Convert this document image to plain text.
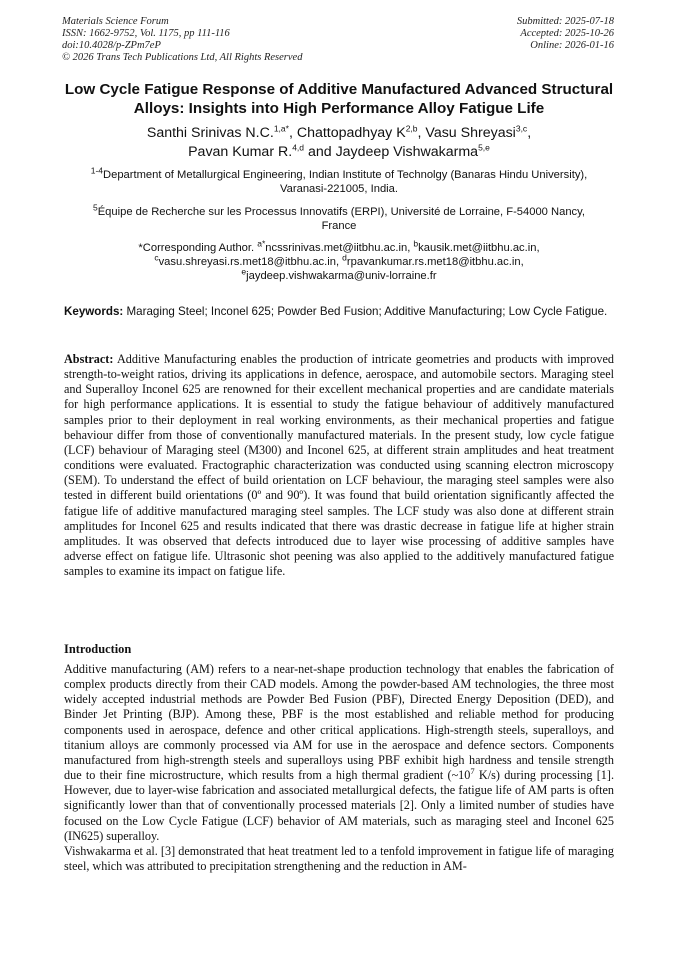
Materials Science Forum
ISSN: 1662-9752, Vol. 1175, pp 111-116
doi:10.4028/p-ZPm7eP
© 2026 Trans Tech Publications Ltd, All Rights Reserved
Submitted: 2025-07-18
Accepted: 2025-10-26
Online: 2026-01-16
Low Cycle Fatigue Response of Additive Manufactured Advanced Structural Alloys: Insights into High Performance Alloy Fatigue Life
Santhi Srinivas N.C.$^{1,a*}$, Chattopadhyay K$^{2,b}$, Vasu Shreyasi$^{3,c}$,
Pavan Kumar R.$^{4,d}$ and Jaydeep Vishwakarma$^{5,e}$
$^{1-4}$Department of Metallurgical Engineering, Indian Institute of Technolgy (Banaras Hindu University), Varanasi-221005, India.
$^5$Équipe de Recherche sur les Processus Innovatifs (ERPI), Université de Lorraine, F-54000 Nancy, France
*Corresponding Author. $^{a*}$ncssrinivas.met@iitbhu.ac.in, $^b$kausik.met@iitbhu.ac.in,
$^c$vasu.shreyasi.rs.met18@itbhu.ac.in, $^d$rpavankumar.rs.met18@itbhu.ac.in,
$^e$jaydeep.vishwakarma@univ-lorraine.fr
Keywords: Maraging Steel; Inconel 625; Powder Bed Fusion; Additive Manufacturing; Low Cycle Fatigue.
Abstract: Additive Manufacturing enables the production of intricate geometries and products with improved strength-to-weight ratios, driving its applications in defence, aerospace, and automobile sectors. Maraging steel and Superalloy Inconel 625 are renowned for their excellent mechanical properties and are candidate materials for high performance applications. It is essential to study the fatigue behaviour of additively manufactured samples prior to their deployment in real working environments, as their mechanical properties and fatigue behaviour differ from those of conventionally manufactured materials. In the present study, low cycle fatigue (LCF) behaviour of Maraging steel (M300) and Inconel 625, at different strain amplitudes and heat treatment conditions were evaluated. Fractographic characterization was conducted using scanning electron microscopy (SEM). To understand the effect of build orientation on LCF behaviour, the maraging steel samples were also tested in different build orientations (0º and 90º). It was found that build orientation significantly affected the fatigue life of additive manufactured maraging steel samples. The LCF study was also done at different strain amplitudes for Inconel 625 and results indicated that there was drastic decrease in fatigue life at higher strain amplitudes. It was observed that defects introduced due to layer wise processing of additive samples have adverse effect on fatigue life. Ultrasonic shot peening was also applied to the additively manufactured fatigue samples to examine its impact on fatigue life.
Introduction

Additive manufacturing (AM) refers to a near-net-shape production technology that enables the fabrication of complex products directly from their CAD models. Among the powder-based AM technologies, the three most widely accepted industrial methods are Powder Bed Fusion (PBF), Directed Energy Deposition (DED), and Binder Jet Printing (BJP). Among these, PBF is the most established and reliable method for producing components used in aerospace, defence and other critical applications. High-strength steels, superalloys, and titanium alloys are commonly processed via AM for use in the aerospace and defence sectors. Components manufactured from high-strength steels and superalloys using PBF exhibit high hardness and tensile strength due to their fine microstructure, which results from a high thermal gradient ($\sim 10^7$ K/s) during processing [1]. However, due to layer-wise fabrication and associated metallurgical defects, the fatigue life of AM parts is often significantly lower than that of conventionally processed materials [2]. Only a limited number of studies have focused on the Low Cycle Fatigue (LCF) behavior of AM materials, such as maraging steel and Inconel 625 (IN625) superalloy.

Vishwakarma et al. [3] demonstrated that heat treatment led to a tenfold improvement in fatigue life of maraging steel, which was attributed to precipitation strengthening and the reduction in AM-
